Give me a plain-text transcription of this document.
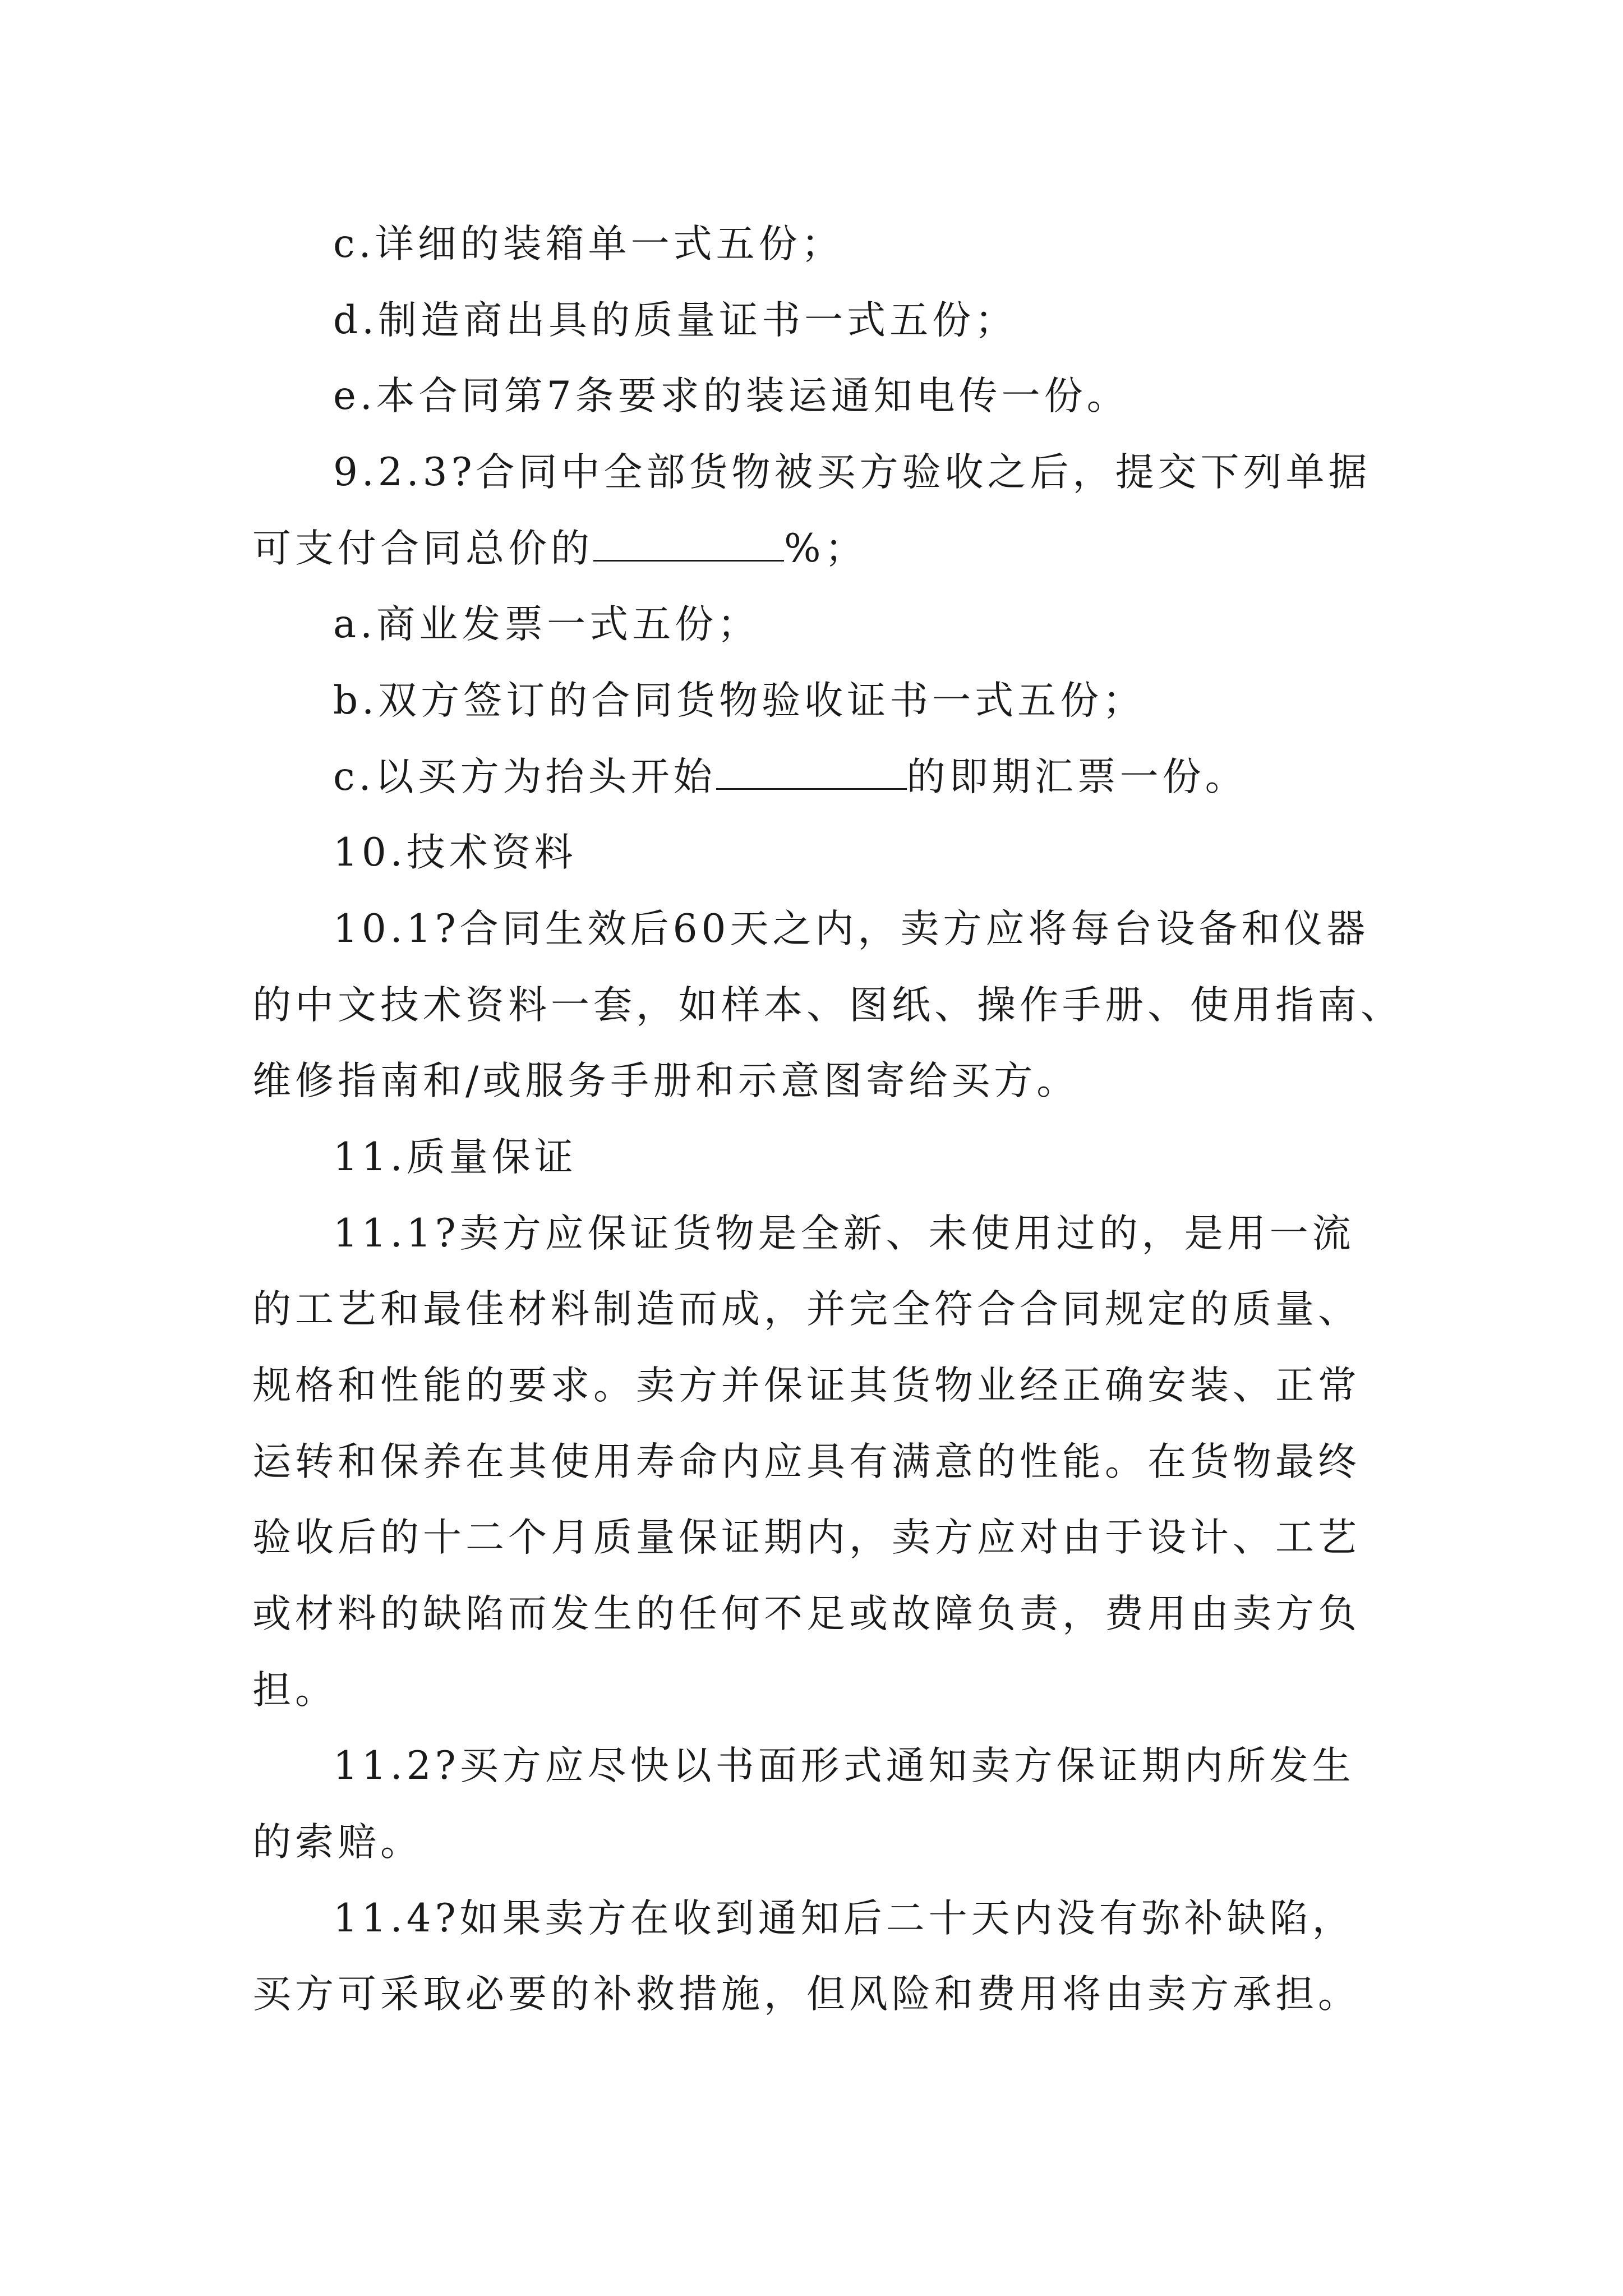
c.详细的装箱单一式五份；
d.制造商出具的质量证书一式五份；
e.本合同第7条要求的装运通知电传一份。
9.2.3?合同中全部货物被买方验收之后，提交下列单据
可支付合同总价的	%；
a.商业发票一式五份；
b.双方签订的合同货物验收证书一式五份；
c.以买方为抬头开始	的即期汇票一份。
10.技术资料
10.1?合同生效后60天之内，卖方应将每台设备和仪器
的中文技术资料一套，如样本、图纸、操作手册、使用指南、
维修指南和/或服务手册和示意图寄给买方。
11.质量保证
11.1?卖方应保证货物是全新、未使用过的，是用一流
的工艺和最佳材料制造而成，并完全符合合同规定的质量、
规格和性能的要求。卖方并保证其货物业经正确安装、正常
运转和保养在其使用寿命内应具有满意的性能。在货物最终
验收后的十二个月质量保证期内，卖方应对由于设计、工艺
或材料的缺陷而发生的任何不足或故障负责，费用由卖方负
担。
11.2?买方应尽快以书面形式通知卖方保证期内所发生
的索赔。
11.4?如果卖方在收到通知后二十天内没有弥补缺陷，
买方可采取必要的补救措施，但风险和费用将由卖方承担。
